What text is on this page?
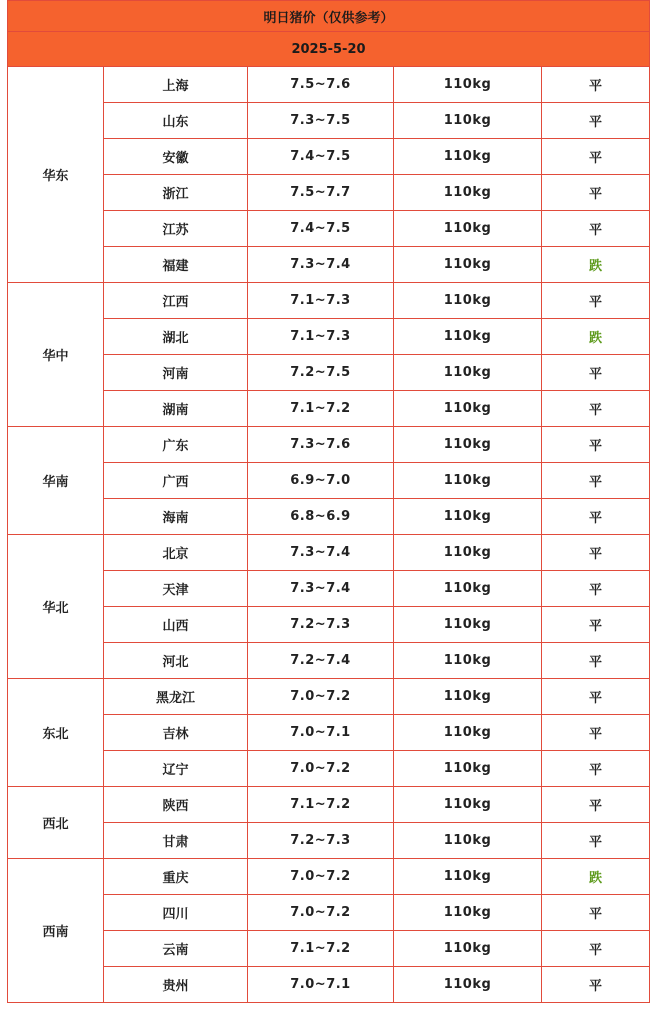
明日猪价（仅供参考）				
2025-5-20				
华东	上海	7.5~7.6	110kg	平
	山东	7.3~7.5	110kg	平
	安徽	7.4~7.5	110kg	平
	浙江	7.5~7.7	110kg	平
	江苏	7.4~7.5	110kg	平
	福建	7.3~7.4	110kg	跌
华中	江西	7.1~7.3	110kg	平
	湖北	7.1~7.3	110kg	跌
	河南	7.2~7.5	110kg	平
	湖南	7.1~7.2	110kg	平
华南	广东	7.3~7.6	110kg	平
	广西	6.9~7.0	110kg	平
	海南	6.8~6.9	110kg	平
华北	北京	7.3~7.4	110kg	平
	天津	7.3~7.4	110kg	平
	山西	7.2~7.3	110kg	平
	河北	7.2~7.4	110kg	平
东北	黑龙江	7.0~7.2	110kg	平
	吉林	7.0~7.1	110kg	平
	辽宁	7.0~7.2	110kg	平
西北	陕西	7.1~7.2	110kg	平
	甘肃	7.2~7.3	110kg	平
西南	重庆	7.0~7.2	110kg	跌
	四川	7.0~7.2	110kg	平
	云南	7.1~7.2	110kg	平
	贵州	7.0~7.1	110kg	平
